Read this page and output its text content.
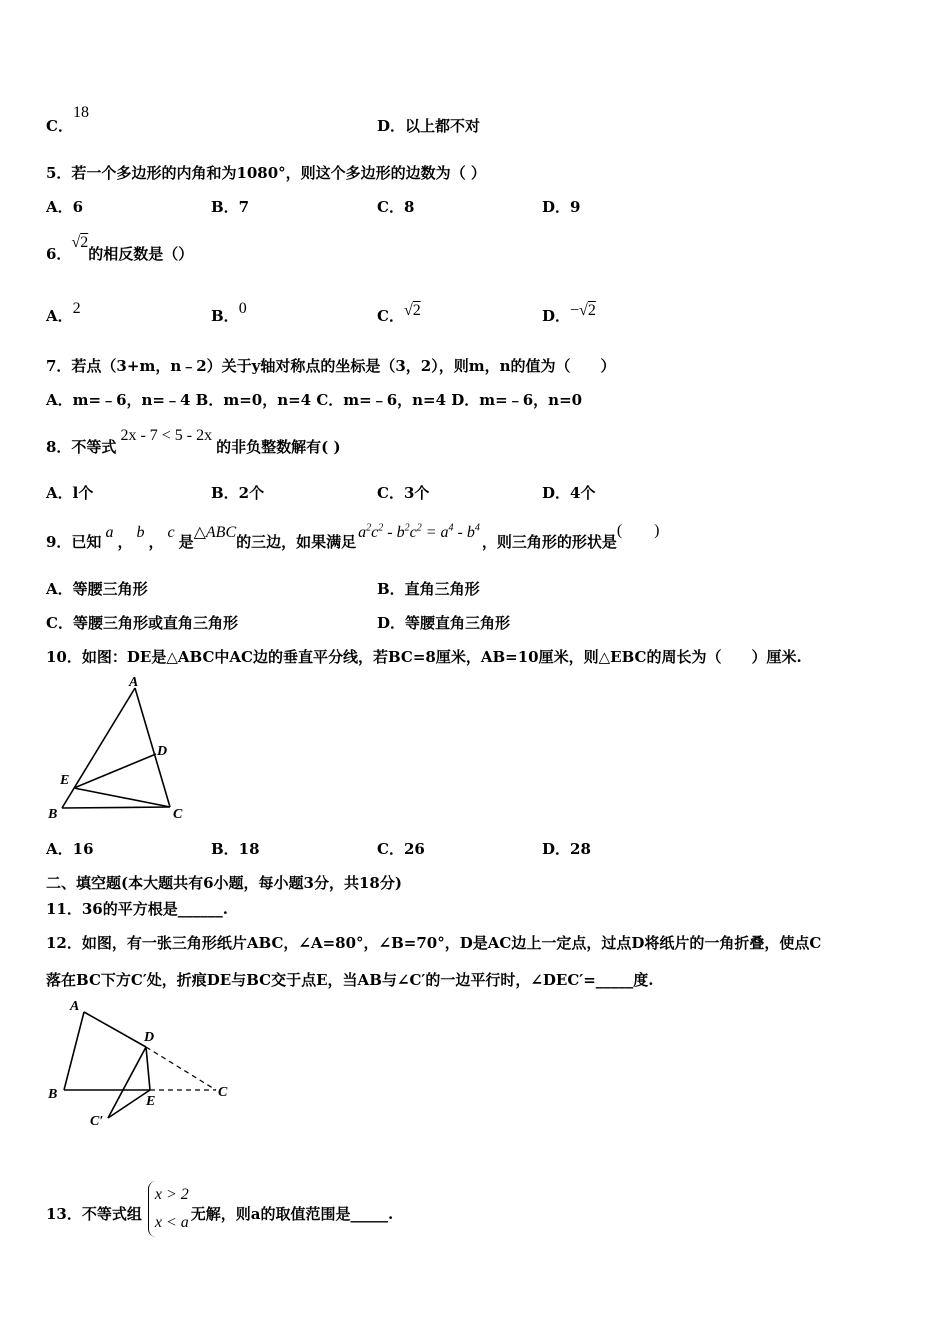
C．18
D．以上都不对
5．若一个多边形的内角和为1080°，则这个多边形的边数为（ ）
A．6	B．7	C．8	D．9
6．√2的相反数是（）
A．2	B．0	C．√2	D．−√2
7．若点（3+m，n﹣2）关于y轴对称点的坐标是（3，2），则m，n的值为（　　）
A．m=﹣6，n=﹣4 B．m=0，n=4 C．m=﹣6，n=4 D．m=﹣6，n=0
8．不等式2x - 7 < 5 - 2x的非负整数解有( )
A．l个	B．2个	C．3个	D．4个
9．已知a，b，c是△ABC的三边，如果满足$a^2c^2 - b^2c^2 = a^4 - b^4$，则三角形的形状是(　　)
A．等腰三角形	B．直角三角形
C．等腰三角形或直角三角形	D．等腰直角三角形
10．如图：DE是△ABC中AC边的垂直平分线，若BC=8厘米，AB=10厘米，则△EBC的周长为（　　）厘米.
A
B	C
D
E
A．16	B．18	C．26	D．28
二、填空题(本大题共有6小题，每小题3分，共18分)
11．36的平方根是______.
12．如图，有一张三角形纸片ABC，∠A=80°，∠B=70°，D是AC边上一定点，过点D将纸片的一角折叠，使点C
落在BC下方C′处，折痕DE与BC交于点E，当AB与∠C′的一边平行时，∠DEC′=_____度.
A
B	C
D
E
C′
13．不等式组
x > 2
x < a 无解，则a的取值范围是_____.
